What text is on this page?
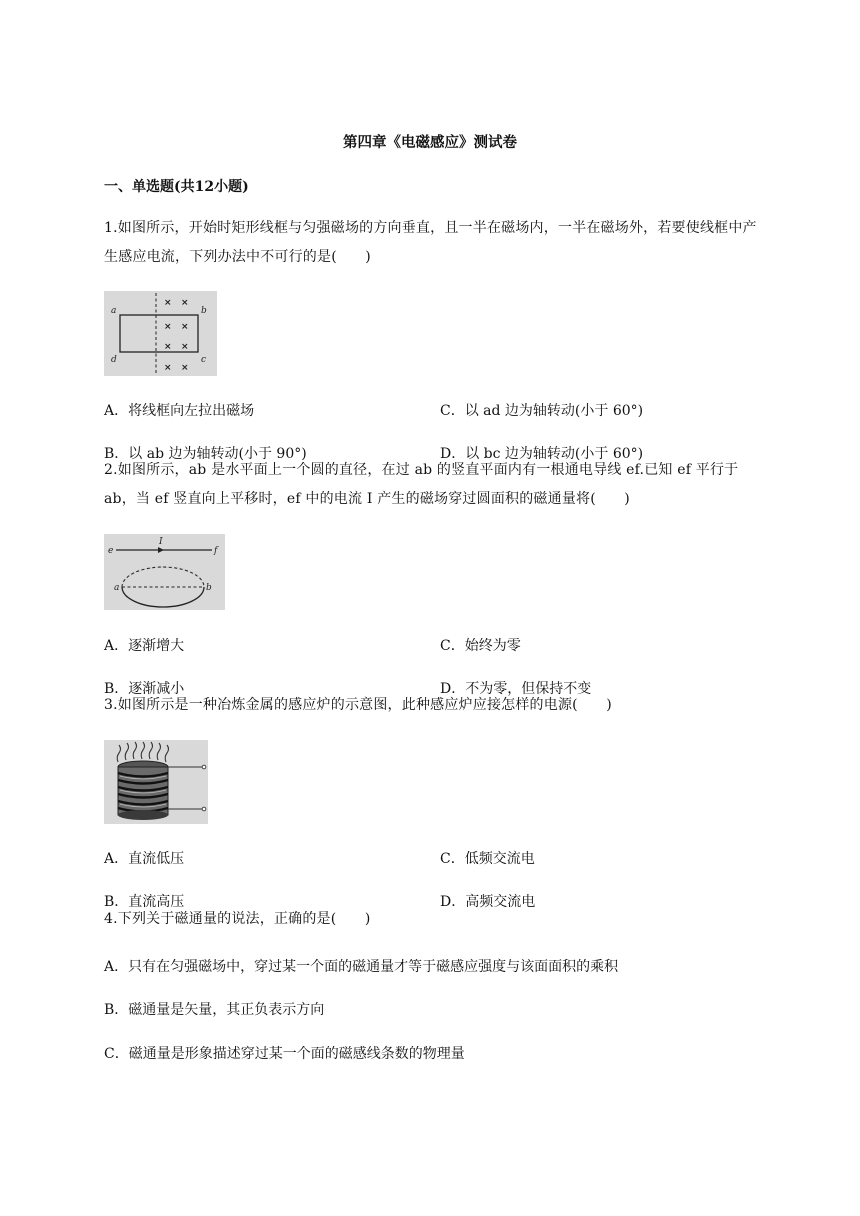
第四章《电磁感应》测试卷
一、单选题(共12小题)
1.如图所示，开始时矩形线框与匀强磁场的方向垂直，且一半在磁场内，一半在磁场外，若要使线框中产生感应电流，下列办法中不可行的是(　　)
× ×
× ×
× ×
× ×
a	b
c
d
A．将线框向左拉出磁场	C．以 ad 边为轴转动(小于 60°)
B．以 ab 边为轴转动(小于 90°)	D．以 bc 边为轴转动(小于 60°)
2.如图所示，ab 是水平面上一个圆的直径，在过 ab 的竖直平面内有一根通电导线 ef.已知 ef 平行于 ab，当 ef 竖直向上平移时，ef 中的电流 I 产生的磁场穿过圆面积的磁通量将(　　)
e
I
f
a	b
A．逐渐增大	C．始终为零
B．逐渐减小	D．不为零，但保持不变
3.如图所示是一种冶炼金属的感应炉的示意图，此种感应炉应接怎样的电源(　　)
A．直流低压	C．低频交流电
B．直流高压	D．高频交流电
4.下列关于磁通量的说法，正确的是(　　)
A．只有在匀强磁场中，穿过某一个面的磁通量才等于磁感应强度与该面面积的乘积
B．磁通量是矢量，其正负表示方向
C．磁通量是形象描述穿过某一个面的磁感线条数的物理量
